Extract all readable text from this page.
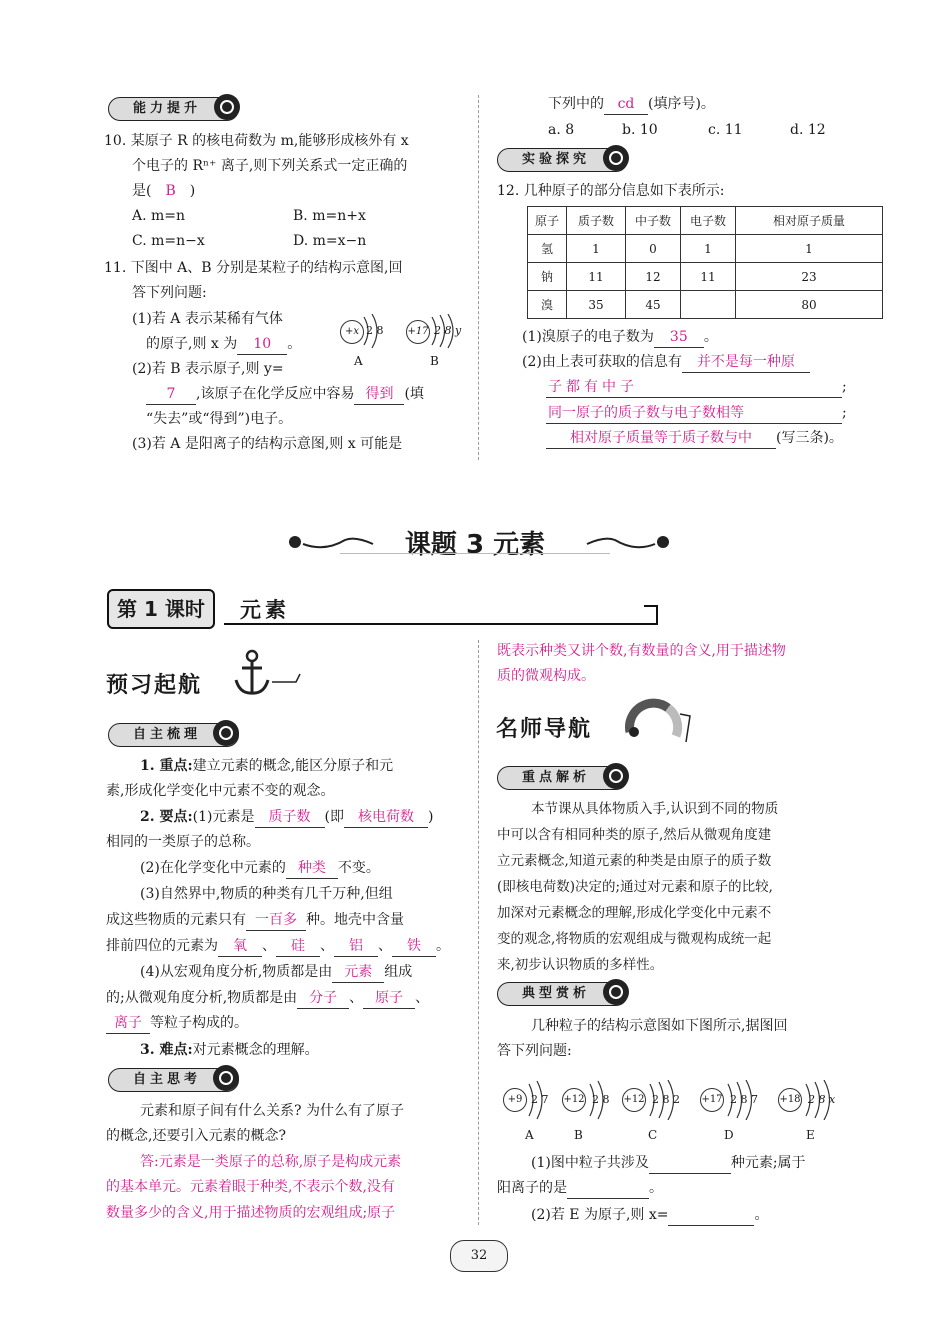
能力提升
10. 某原子 R 的核电荷数为 m,能够形成核外有 x
个电子的 Rⁿ⁺ 离子,则下列关系式一定正确的
是( B )
A. m=n	B. m=n+x
C. m=n−x	D. m=x−n
11. 下图中 A、B 分别是某粒子的结构示意图,回
答下列问题:
(1)若 A 表示某稀有气体
的原子,则 x 为 10 。
(2)若 B 表示原子,则 y=
7 ,该原子在化学反应中容易 得到 (填
“失去”或“得到”)电子。
(3)若 A 是阳离子的结构示意图,则 x 可能是
+x 2 8
A
+17 2 8 y
B
下列中的 cd (填序号)。
a. 8	b. 10	c. 11	d. 12
实验探究
12. 几种原子的部分信息如下表所示:
原子	质子数	中子数	电子数	相对原子质量
氢	1	0	1	1
钠	11	12	11	23
溴	35	45		80
(1)溴原子的电子数为 35 。
(2)由上表可获取的信息有 并不是每一种原
子都有中子	;
同一原子的质子数与电子数相等	;
相对原子质量等于质子数与中 (写三条)。
课题 3 元素
第 1 课时	元素
预习起航
自主梳理
1. 重点:建立元素的概念,能区分原子和元
素,形成化学变化中元素不变的观念。
2. 要点:(1)元素是 质子数 (即 核电荷数 )
相同的一类原子的总称。
(2)在化学变化中元素的 种类 不变。
(3)自然界中,物质的种类有几千万种,但组
成这些物质的元素只有 一百多 种。地壳中含量
排前四位的元素为 氧 、 硅 、 铝 、 铁 。
(4)从宏观角度分析,物质都是由 元素 组成
的;从微观角度分析,物质都是由 分子 、 原子 、
离子 等粒子构成的。
3. 难点:对元素概念的理解。
自主思考
元素和原子间有什么关系? 为什么有了原子
的概念,还要引入元素的概念?
答:元素是一类原子的总称,原子是构成元素
的基本单元。元素着眼于种类,不表示个数,没有
数量多少的含义,用于描述物质的宏观组成;原子
既表示种类又讲个数,有数量的含义,用于描述物
质的微观构成。
名师导航
重点解析
本节课从具体物质入手,认识到不同的物质
中可以含有相同种类的原子,然后从微观角度建
立元素概念,知道元素的种类是由原子的质子数
(即核电荷数)决定的;通过对元素和原子的比较,
加深对元素概念的理解,形成化学变化中元素不
变的观念,将物质的宏观组成与微观构成统一起
来,初步认识物质的多样性。
典型赏析
几种粒子的结构示意图如下图所示,据图回
答下列问题:
+9 2 7
A
+12 2 8
B
+12 2 8 2
C
+17 2 8 7
D
+18 2 8 x
E
(1)图中粒子共涉及	种元素;属于
阳离子的是	。
(2)若 E 为原子,则 x=	。
32
